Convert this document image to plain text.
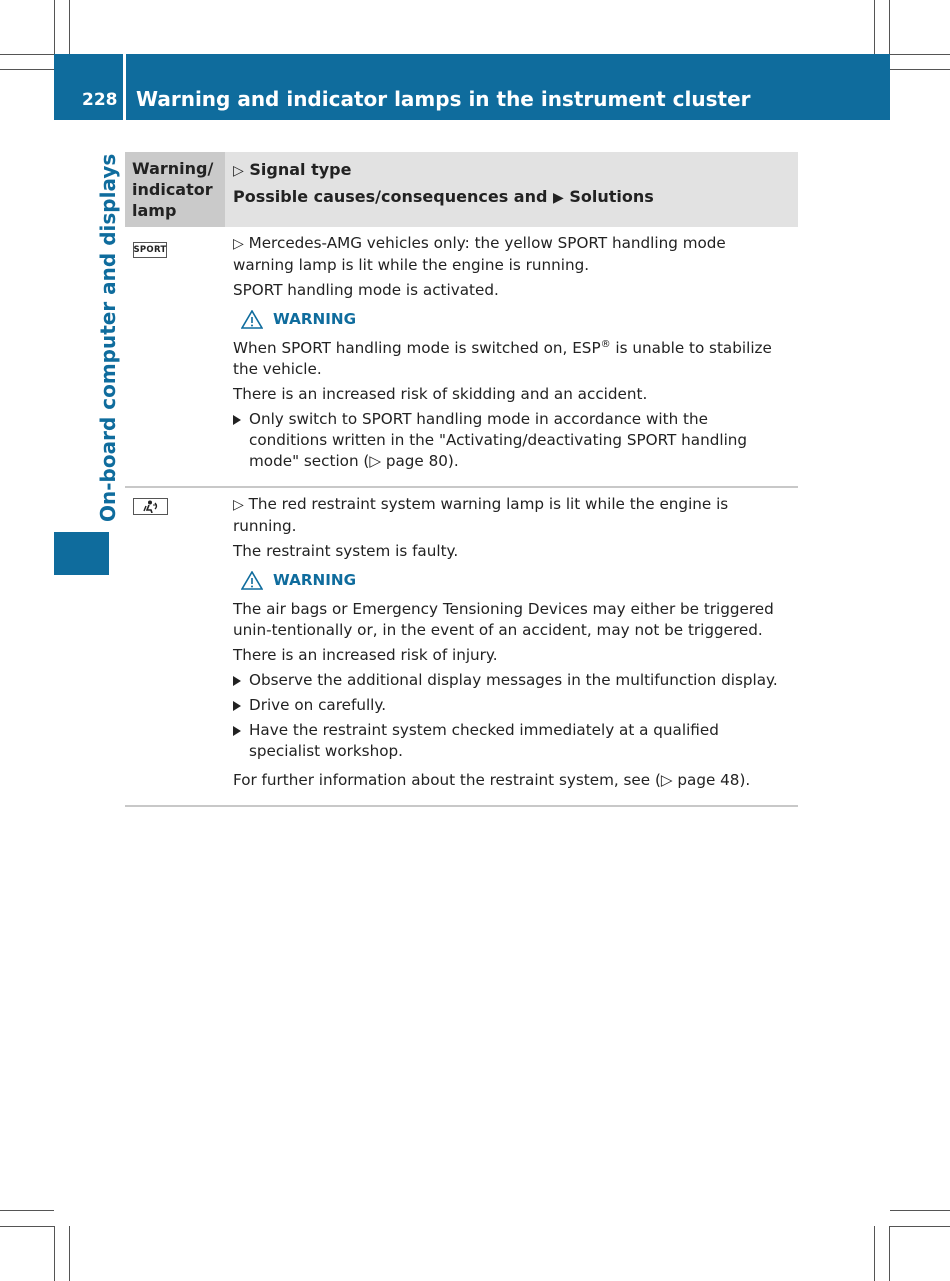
228 Warning and indicator lamps in the instrument cluster
On-board computer and displays Warning/ indicator lamp
▷ Signal type
Possible causes/consequences and ▶ Solutions
SPORT	▷ Mercedes-AMG vehicles only: the yellow SPORT handling mode warning lamp is lit while the engine is running.

SPORT handling mode is activated.

WARNING

When SPORT handling mode is switched on, ESP® is unable to stabilize the vehicle.

There is an increased risk of skidding and an accident.

Only switch to SPORT handling mode in accordance with the conditions written in the "Activating/deactivating SPORT handling mode" section (▷ page 80).

▷ The red restraint system warning lamp is lit while the engine is running.

The restraint system is faulty.

WARNING

The air bags or Emergency Tensioning Devices may either be triggered unin-tentionally or, in the event of an accident, may not be triggered.

There is an increased risk of injury.

Observe the additional display messages in the multifunction display.
Drive on carefully.
Have the restraint system checked immediately at a qualified specialist workshop.

For further information about the restraint system, see (▷ page 48).
